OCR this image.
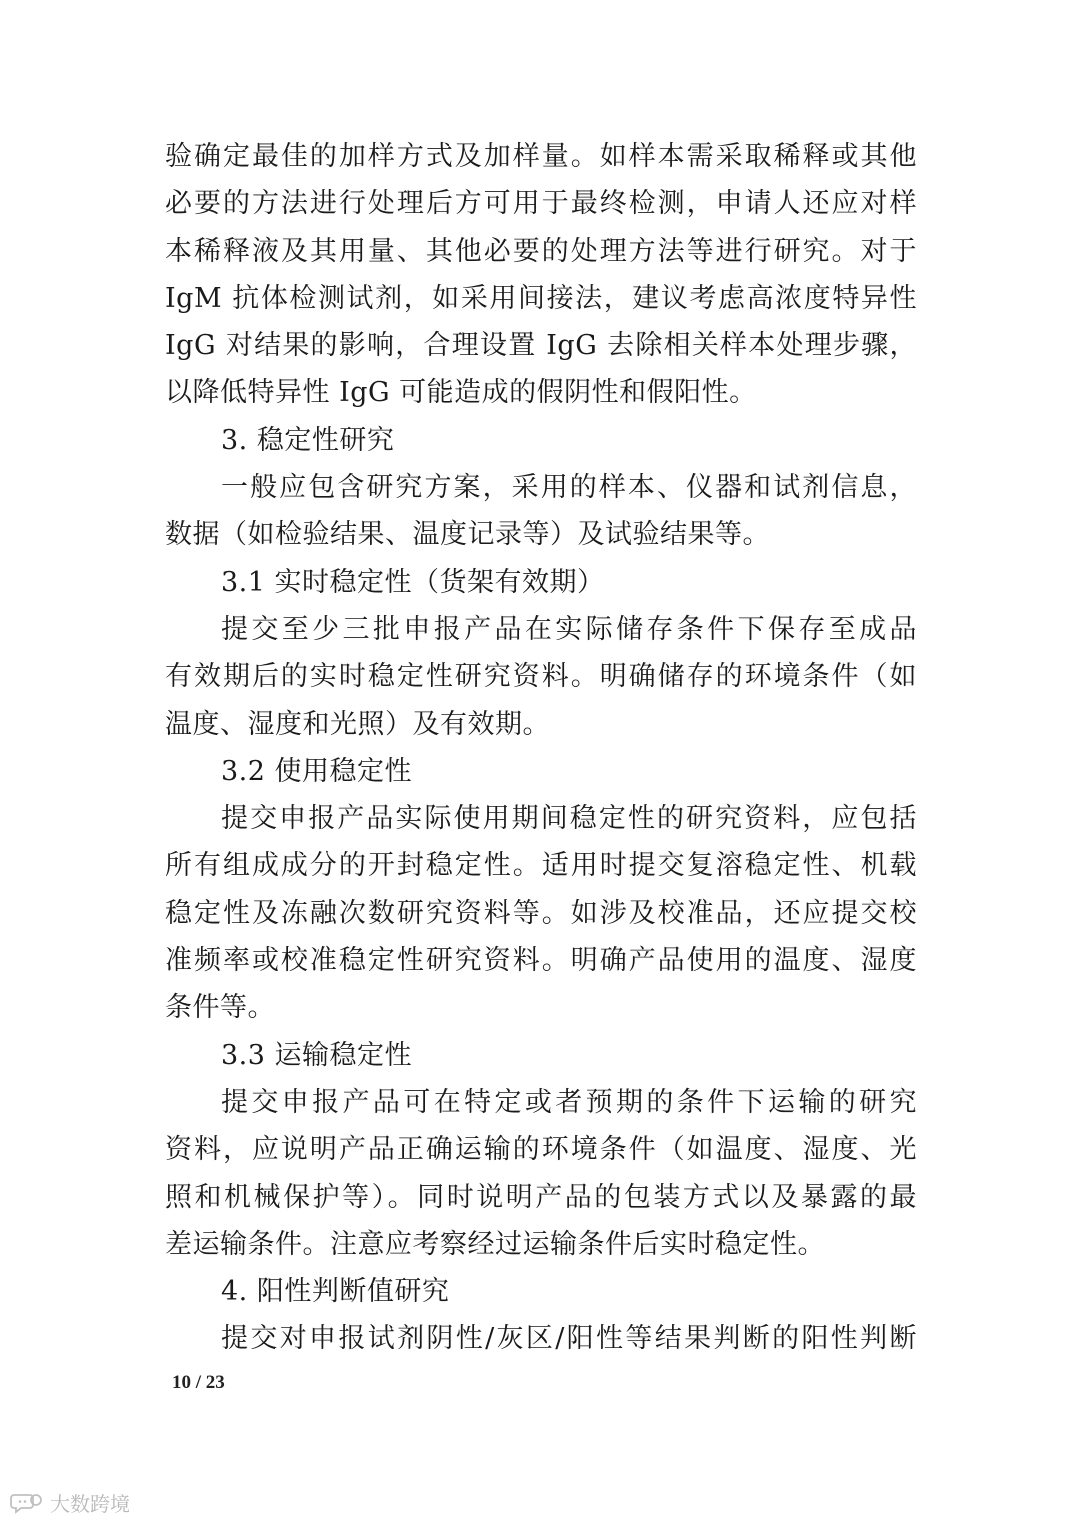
验确定最佳的加样方式及加样量。如样本需采取稀释或其他
必要的方法进行处理后方可用于最终检测，申请人还应对样
本稀释液及其用量、其他必要的处理方法等进行研究。对于
IgM 抗体检测试剂，如采用间接法，建议考虑高浓度特异性
IgG 对结果的影响，合理设置 IgG 去除相关样本处理步骤，
以降低特异性 IgG 可能造成的假阴性和假阳性。
3. 稳定性研究
一般应包含研究方案，采用的样本、仪器和试剂信息，
数据（如检验结果、温度记录等）及试验结果等。
3.1 实时稳定性（货架有效期）
提交至少三批申报产品在实际储存条件下保存至成品
有效期后的实时稳定性研究资料。明确储存的环境条件（如
温度、湿度和光照）及有效期。
3.2 使用稳定性
提交申报产品实际使用期间稳定性的研究资料，应包括
所有组成成分的开封稳定性。适用时提交复溶稳定性、机载
稳定性及冻融次数研究资料等。如涉及校准品，还应提交校
准频率或校准稳定性研究资料。明确产品使用的温度、湿度
条件等。
3.3 运输稳定性
提交申报产品可在特定或者预期的条件下运输的研究
资料，应说明产品正确运输的环境条件（如温度、湿度、光
照和机械保护等）。同时说明产品的包装方式以及暴露的最
差运输条件。注意应考察经过运输条件后实时稳定性。
4. 阳性判断值研究
提交对申报试剂阴性/灰区/阳性等结果判断的阳性判断
10 / 23
大数跨境
